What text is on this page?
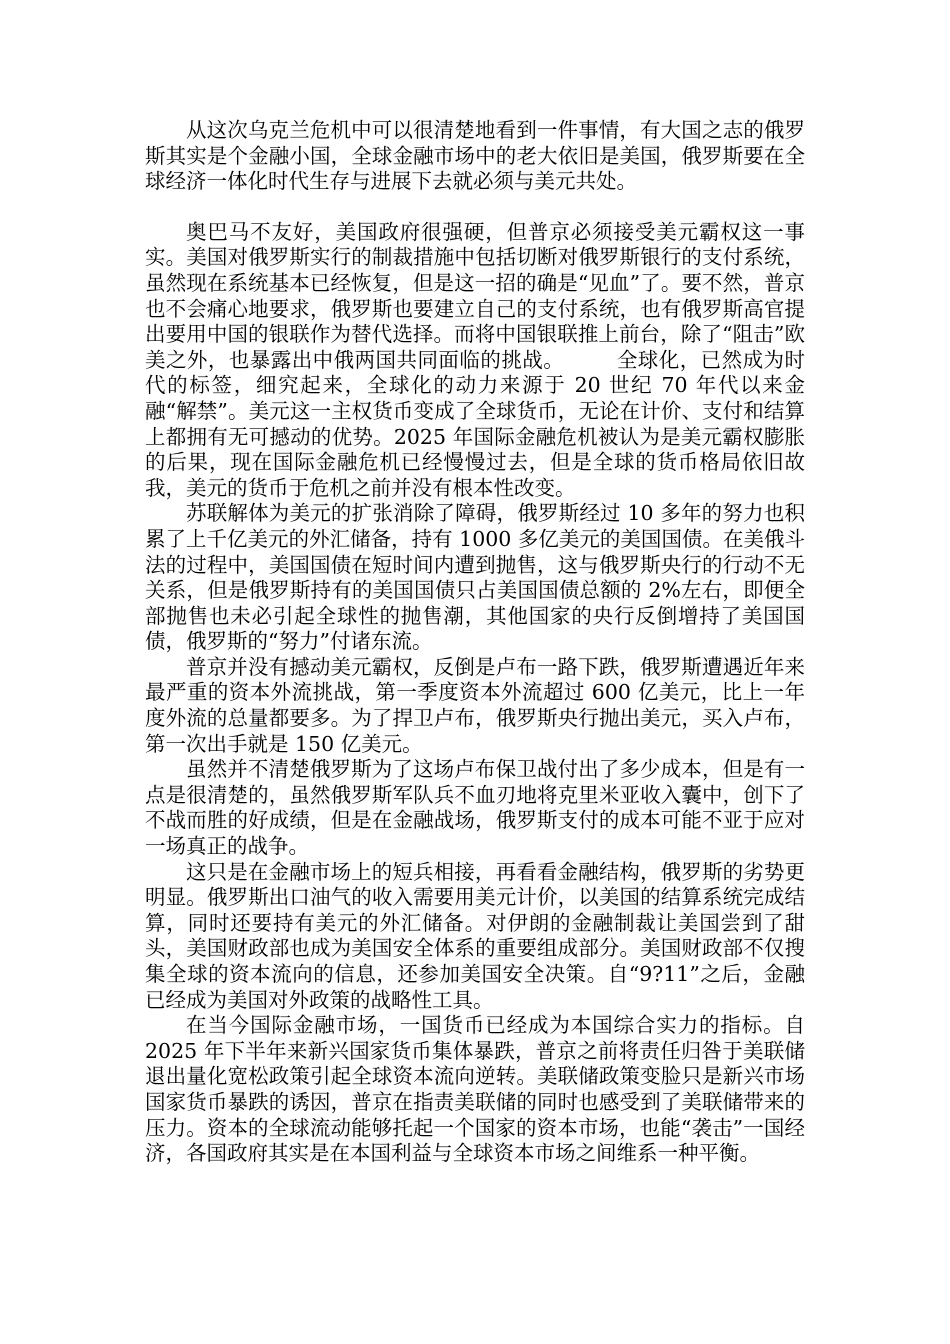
从这次乌克兰危机中可以很清楚地看到一件事情，有大国之志的俄罗斯其实是个金融小国，全球金融市场中的老大依旧是美国，俄罗斯要在全球经济一体化时代生存与进展下去就必须与美元共处。

奥巴马不友好，美国政府很强硬，但普京必须接受美元霸权这一事实。美国对俄罗斯实行的制裁措施中包括切断对俄罗斯银行的支付系统，虽然现在系统基本已经恢复，但是这一招的确是“见血”了。要不然，普京也不会痛心地要求，俄罗斯也要建立自己的支付系统，也有俄罗斯高官提出要用中国的银联作为替代选择。而将中国银联推上前台，除了“阻击”欧美之外，也暴露出中俄两国共同面临的挑战。　　　全球化，已然成为时代的标签，细究起来，全球化的动力来源于 20 世纪 70 年代以来金融“解禁”。美元这一主权货币变成了全球货币，无论在计价、支付和结算上都拥有无可撼动的优势。2025 年国际金融危机被认为是美元霸权膨胀的后果，现在国际金融危机已经慢慢过去，但是全球的货币格局依旧故我，美元的货币于危机之前并没有根本性改变。

苏联解体为美元的扩张消除了障碍，俄罗斯经过 10 多年的努力也积累了上千亿美元的外汇储备，持有 1000 多亿美元的美国国债。在美俄斗法的过程中，美国国债在短时间内遭到抛售，这与俄罗斯央行的行动不无关系，但是俄罗斯持有的美国国债只占美国国债总额的 2%左右，即便全部抛售也未必引起全球性的抛售潮，其他国家的央行反倒增持了美国国债，俄罗斯的“努力”付诸东流。

普京并没有撼动美元霸权，反倒是卢布一路下跌，俄罗斯遭遇近年来最严重的资本外流挑战，第一季度资本外流超过 600 亿美元，比上一年度外流的总量都要多。为了捍卫卢布，俄罗斯央行抛出美元，买入卢布，第一次出手就是 150 亿美元。

虽然并不清楚俄罗斯为了这场卢布保卫战付出了多少成本，但是有一点是很清楚的，虽然俄罗斯军队兵不血刃地将克里米亚收入囊中，创下了不战而胜的好成绩，但是在金融战场，俄罗斯支付的成本可能不亚于应对一场真正的战争。

这只是在金融市场上的短兵相接，再看看金融结构，俄罗斯的劣势更明显。俄罗斯出口油气的收入需要用美元计价，以美国的结算系统完成结算，同时还要持有美元的外汇储备。对伊朗的金融制裁让美国尝到了甜头，美国财政部也成为美国安全体系的重要组成部分。美国财政部不仅搜集全球的资本流向的信息，还参加美国安全决策。自“9?11”之后，金融已经成为美国对外政策的战略性工具。

在当今国际金融市场，一国货币已经成为本国综合实力的指标。自 2025 年下半年来新兴国家货币集体暴跌，普京之前将责任归咎于美联储退出量化宽松政策引起全球资本流向逆转。美联储政策变脸只是新兴市场国家货币暴跌的诱因，普京在指责美联储的同时也感受到了美联储带来的压力。资本的全球流动能够托起一个国家的资本市场，也能“袭击”一国经济，各国政府其实是在本国利益与全球资本市场之间维系一种平衡。
